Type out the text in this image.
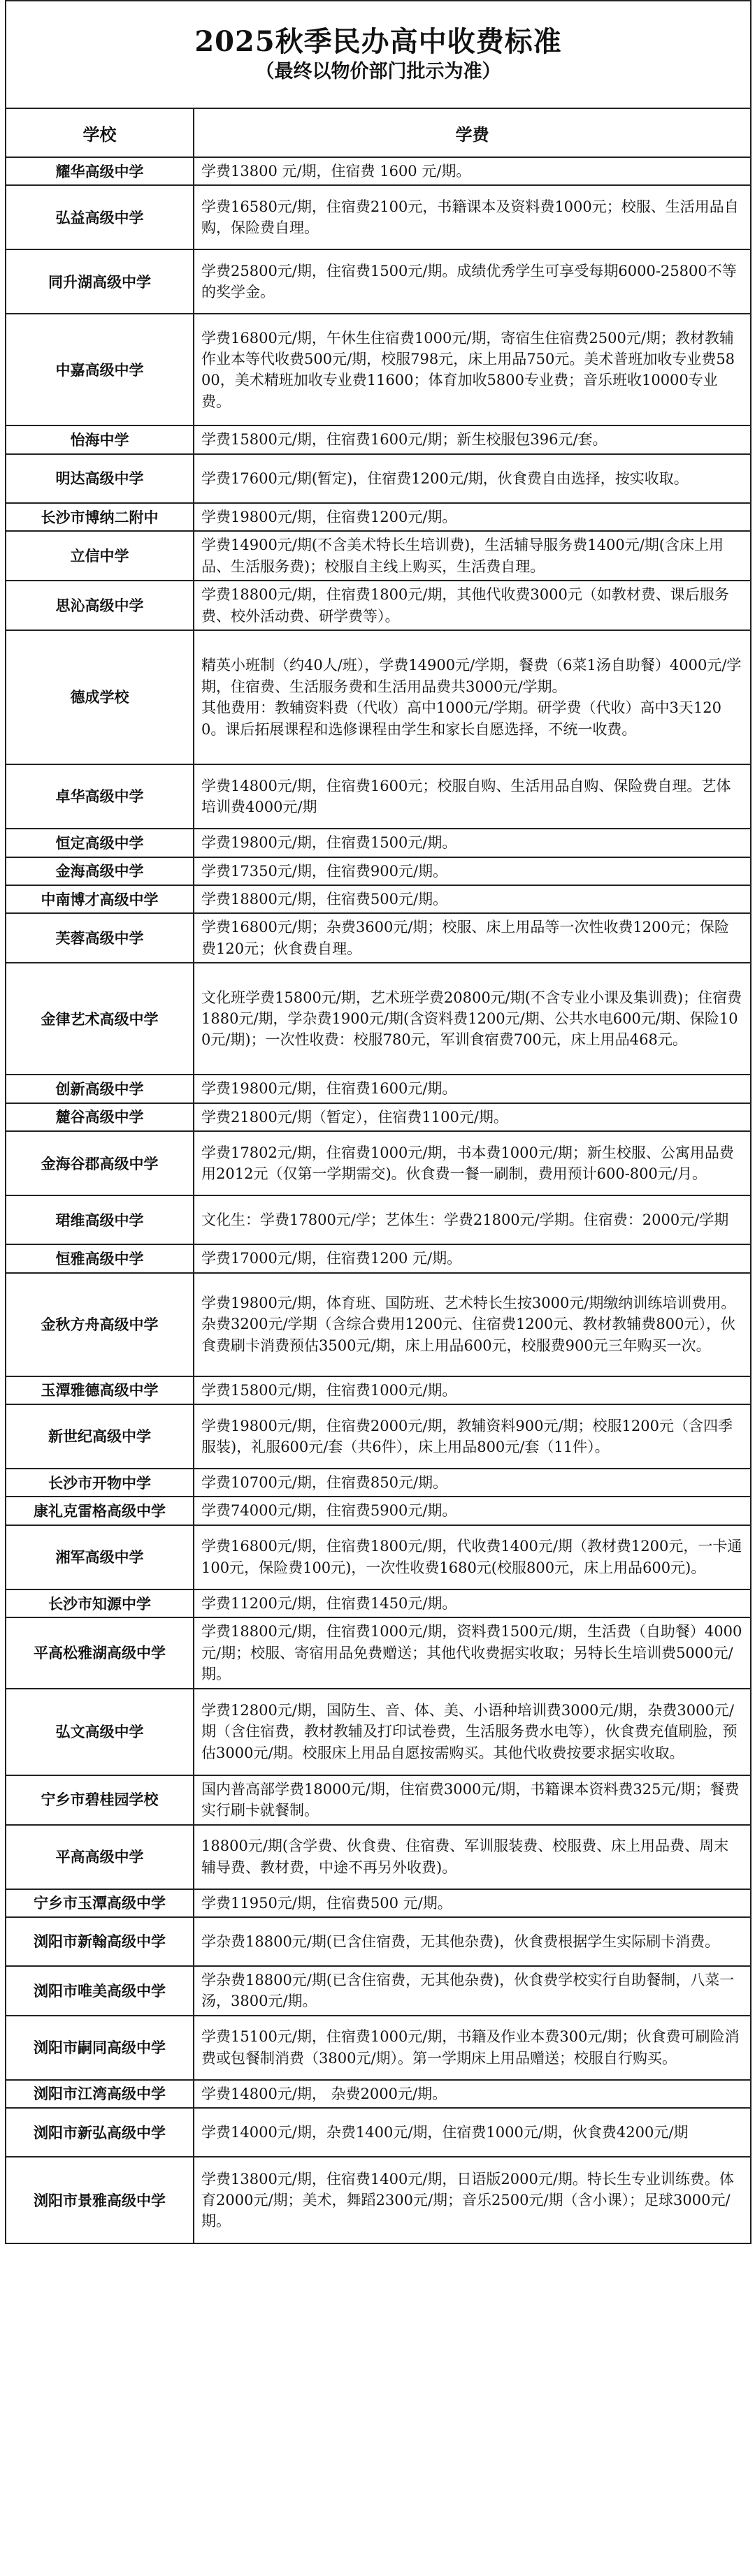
2025秋季民办高中收费标准
（最终以物价部门批示为准）	

学校	学费
耀华高级中学	学费13800 元/期，住宿费 1600 元/期。
弘益高级中学	学费16580元/期，住宿费2100元，书籍课本及资料费1000元；校服、生活用品自购，保险费自理。
同升湖高级中学	学费25800元/期，住宿费1500元/期。成绩优秀学生可享受每期6000-25800不等的奖学金。
中嘉高级中学	学费16800元/期，午休生住宿费1000元/期，寄宿生住宿费2500元/期；教材教辅作业本等代收费500元/期，校服798元，床上用品750元。美术普班加收专业费5800，美术精班加收专业费11600；体育加收5800专业费；音乐班收10000专业费。
怡海中学	学费15800元/期，住宿费1600元/期；新生校服包396元/套。
明达高级中学	学费17600元/期(暂定)，住宿费1200元/期，伙食费自由选择，按实收取。
长沙市博纳二附中	学费19800元/期，住宿费1200元/期。
立信中学	学费14900元/期(不含美术特长生培训费)，生活辅导服务费1400元/期(含床上用品、生活服务费)；校服自主线上购买，生活费自理。
思沁高级中学	学费18800元/期，住宿费1800元/期，其他代收费3000元（如教材费、课后服务费、校外活动费、研学费等）。
德成学校	精英小班制（约40人/班），学费14900元/学期，餐费（6菜1汤自助餐）4000元/学期，住宿费、生活服务费和生活用品费共3000元/学期。
其他费用：教辅资料费（代收）高中1000元/学期。研学费（代收）高中3天1200。课后拓展课程和选修课程由学生和家长自愿选择，不统一收费。
卓华高级中学	学费14800元/期，住宿费1600元；校服自购、生活用品自购、保险费自理。艺体培训费4000元/期
恒定高级中学	学费19800元/期，住宿费1500元/期。
金海高级中学	学费17350元/期，住宿费900元/期。
中南博才高级中学	学费18800元/期，住宿费500元/期。
芙蓉高级中学	学费16800元/期；杂费3600元/期；校服、床上用品等一次性收费1200元；保险费120元；伙食费自理。
金律艺术高级中学	文化班学费15800元/期，艺术班学费20800元/期(不含专业小课及集训费)；住宿费1880元/期，学杂费1900元/期(含资料费1200元/期、公共水电600元/期、保险100元/期)；一次性收费：校服780元，军训食宿费700元，床上用品468元。
创新高级中学	学费19800元/期，住宿费1600元/期。
麓谷高级中学	学费21800元/期（暂定），住宿费1100元/期。
金海谷郡高级中学	学费17802元/期，住宿费1000元/期，书本费1000元/期；新生校服、公寓用品费用2012元（仅第一学期需交)。伙食费一餐一刷制，费用预计600-800元/月。
珺维高级中学	文化生：学费17800元/学；艺体生：学费21800元/学期。住宿费：2000元/学期
恒雅高级中学	学费17000元/期，住宿费1200 元/期。
金秋方舟高级中学	学费19800元/期，体育班、国防班、艺术特长生按3000元/期缴纳训练培训费用。杂费3200元/学期（含综合费用1200元、住宿费1200元、教材教辅费800元），伙食费刷卡消费预估3500元/期，床上用品600元，校服费900元三年购买一次。
玉潭雅德高级中学	学费15800元/期，住宿费1000元/期。
新世纪高级中学	学费19800元/期，住宿费2000元/期，教辅资料900元/期；校服1200元（含四季服装)，礼服600元/套（共6件），床上用品800元/套（11件）。
长沙市开物中学	学费10700元/期，住宿费850元/期。
康礼克雷格高级中学	学费74000元/期，住宿费5900元/期。
湘军高级中学	学费16800元/期，住宿费1800元/期，代收费1400元/期（教材费1200元，一卡通100元，保险费100元)，一次性收费1680元(校服800元，床上用品600元)。
长沙市知源中学	学费11200元/期，住宿费1450元/期。
平高松雅湖高级中学	学费18800元/期，住宿费1000元/期，资料费1500元/期，生活费（自助餐）4000元/期；校服、寄宿用品免费赠送；其他代收费据实收取；另特长生培训费5000元/期。
弘文高级中学	学费12800元/期，国防生、音、体、美、小语种培训费3000元/期，杂费3000元/期（含住宿费，教材教辅及打印试卷费，生活服务费水电等），伙食费充值刷脸，预估3000元/期。校服床上用品自愿按需购买。其他代收费按要求据实收取。
宁乡市碧桂园学校	国内普高部学费18000元/期，住宿费3000元/期，书籍课本资料费325元/期；餐费实行刷卡就餐制。
平高高级中学	18800元/期(含学费、伙食费、住宿费、军训服装费、校服费、床上用品费、周末辅导费、教材费，中途不再另外收费)。
宁乡市玉潭高级中学	学费11950元/期，住宿费500 元/期。
浏阳市新翰高级中学	学杂费18800元/期(已含住宿费，无其他杂费)，伙食费根据学生实际刷卡消费。
浏阳市唯美高级中学	学杂费18800元/期(已含住宿费，无其他杂费)，伙食费学校实行自助餐制，八菜一汤，3800元/期。
浏阳市嗣同高级中学	学费15100元/期，住宿费1000元/期，书籍及作业本费300元/期；伙食费可刷险消费或包餐制消费（3800元/期）。第一学期床上用品赠送；校服自行购买。
浏阳市江湾高级中学	学费14800元/期， 杂费2000元/期。
浏阳市新弘高级中学	学费14000元/期，杂费1400元/期，住宿费1000元/期，伙食费4200元/期
浏阳市景雅高级中学	学费13800元/期，住宿费1400元/期，日语版2000元/期。特长生专业训练费。体育2000元/期；美术，舞蹈2300元/期；音乐2500元/期（含小课）；足球3000元/期。
